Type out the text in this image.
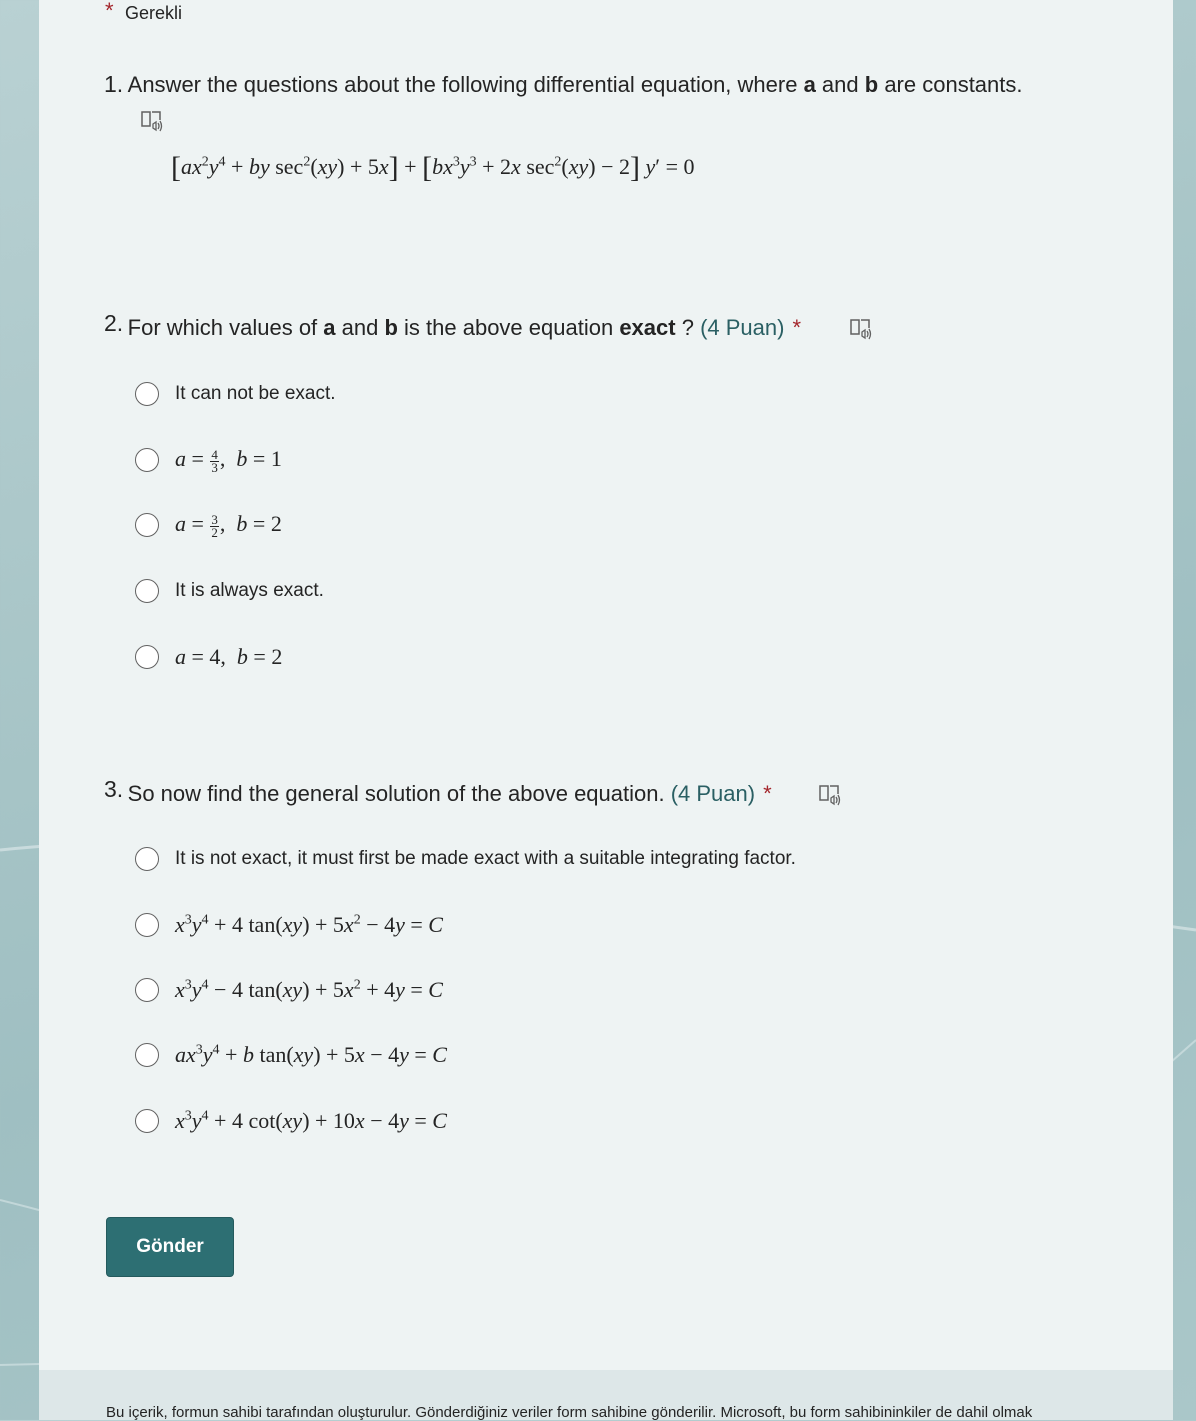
* Gerekli
1. Answer the questions about the following differential equation, where a and b are constants.
[$ax^2y^4$ + by $\sec^2(xy) + 5x] + [bx^3y^3 + 2x$ $\sec^2(xy) - 2$] y′ = 0
2. For which values of a and b is the above equation exact ? (4 Puan) *
It can not be exact.
$a = \frac{4}{3}$ ,  b = 1
$a = \frac{3}{2}$ ,  b = 2
It is always exact.
a = 4,  b = 2
3. So now find the general solution of the above equation. (4 Puan) *
It is not exact, it must first be made exact with a suitable integrating factor.
$x^3y^4 + 4$ $\tan(xy) + 5x^2 - 4y = C$
$x^3y^4 - 4$ $\tan(xy) + 5x^2 + 4y = C$
$ax^3y^4 + b$ tan(xy) + 5x − 4y = C
$x^3y^4 + 4$ cot(xy) + 10x − 4y = C
Gönder
Bu içerik, formun sahibi tarafından oluşturulur. Gönderdiğiniz veriler form sahibine gönderilir. Microsoft, bu form sahibininkiler de dahil olmak
